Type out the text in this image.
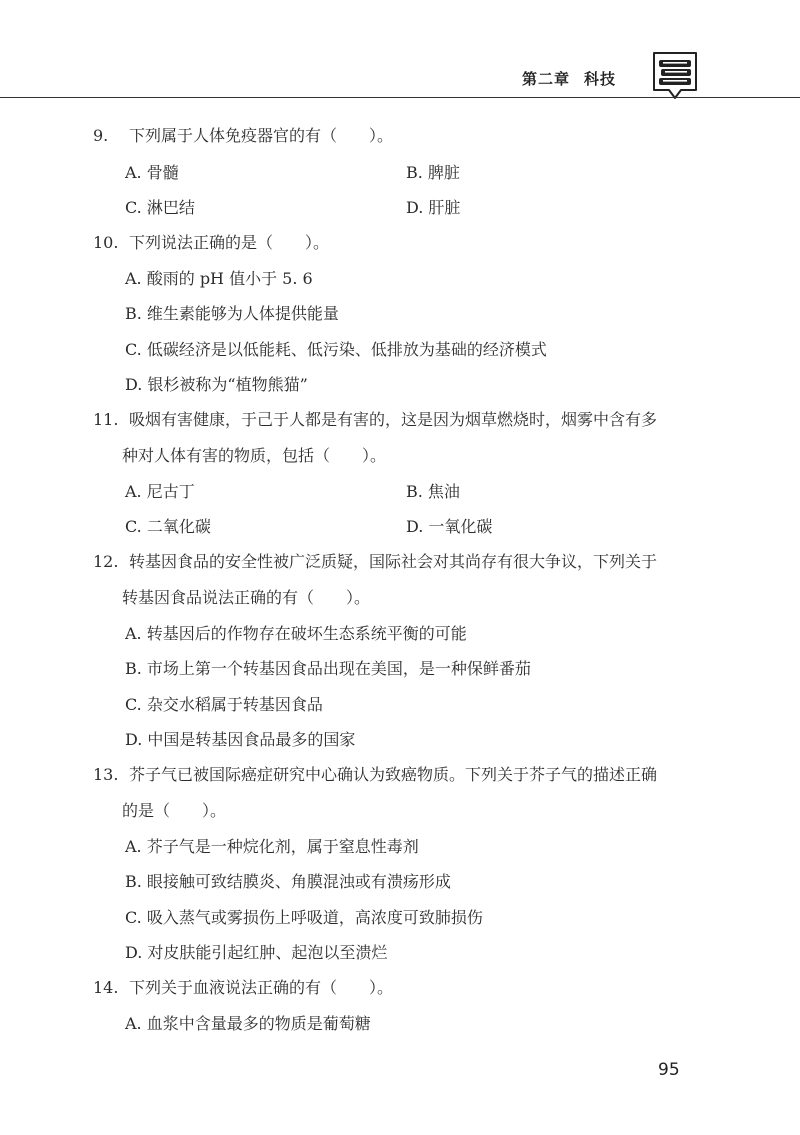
第二章 科技
9. 下列属于人体免疫器官的有（　　）。
A. 骨髓	B. 脾脏
C. 淋巴结	D. 肝脏
10. 下列说法正确的是（　　）。
A. 酸雨的 pH 值小于 5. 6
B. 维生素能够为人体提供能量
C. 低碳经济是以低能耗、低污染、低排放为基础的经济模式
D. 银杉被称为“植物熊猫”
11. 吸烟有害健康，于己于人都是有害的，这是因为烟草燃烧时，烟雾中含有多
种对人体有害的物质，包括（　　）。
A. 尼古丁	B. 焦油
C. 二氧化碳	D. 一氧化碳
12. 转基因食品的安全性被广泛质疑，国际社会对其尚存有很大争议，下列关于
转基因食品说法正确的有（　　）。
A. 转基因后的作物存在破坏生态系统平衡的可能
B. 市场上第一个转基因食品出现在美国，是一种保鲜番茄
C. 杂交水稻属于转基因食品
D. 中国是转基因食品最多的国家
13. 芥子气已被国际癌症研究中心确认为致癌物质。下列关于芥子气的描述正确
的是（　　）。
A. 芥子气是一种烷化剂，属于窒息性毒剂
B. 眼接触可致结膜炎、角膜混浊或有溃疡形成
C. 吸入蒸气或雾损伤上呼吸道，高浓度可致肺损伤
D. 对皮肤能引起红肿、起泡以至溃烂
14. 下列关于血液说法正确的有（　　）。
A. 血浆中含量最多的物质是葡萄糖
95
